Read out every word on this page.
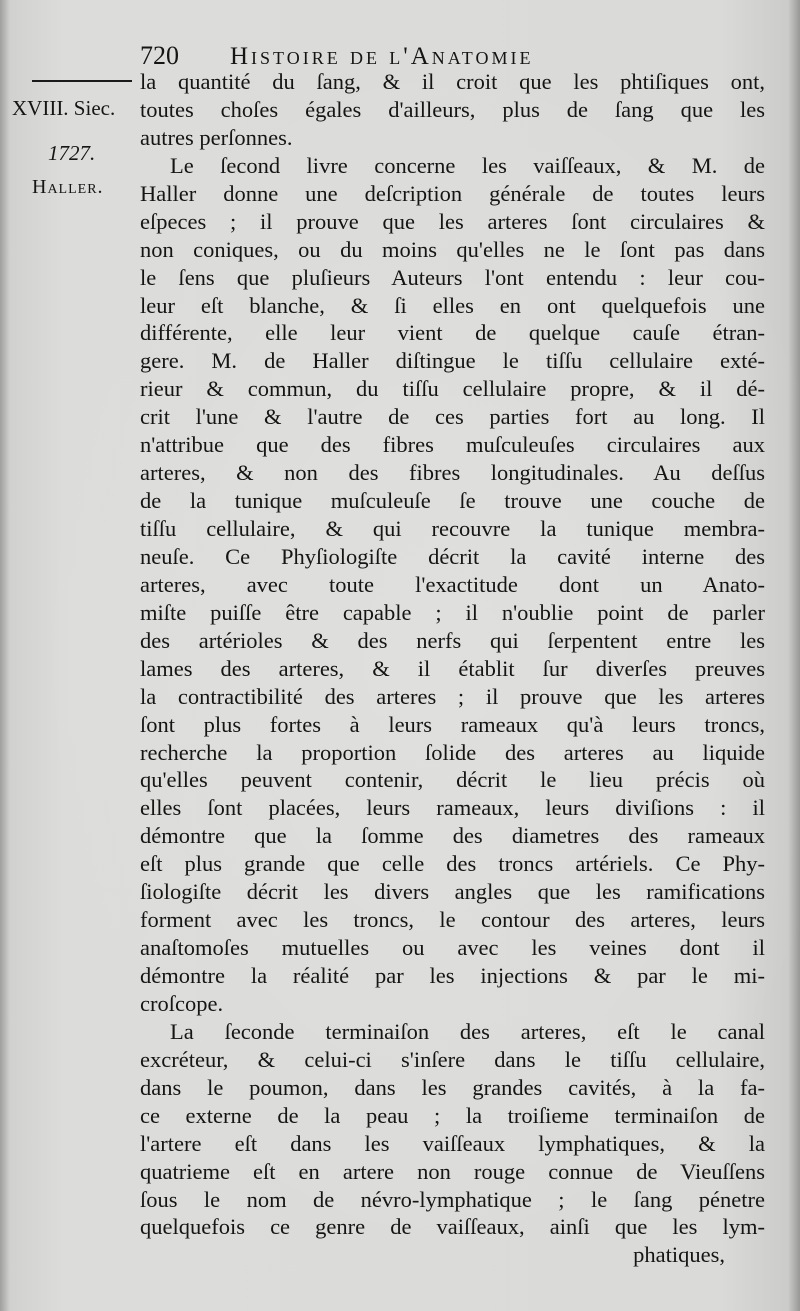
720 Histoire de l'Anatomie
XVIII. Siec.
1727.
Haller.
la quantité du ſang, & il croit que les phtiſiques ont,
toutes choſes égales d'ailleurs, plus de ſang que les
autres perſonnes.
Le ſecond livre concerne les vaiſſeaux, & M. de
Haller donne une deſcription générale de toutes leurs
eſpeces ; il prouve que les arteres ſont circulaires &
non coniques, ou du moins qu'elles ne le ſont pas dans
le ſens que pluſieurs Auteurs l'ont entendu : leur cou-
leur eſt blanche, & ſi elles en ont quelquefois une
différente, elle leur vient de quelque cauſe étran-
gere. M. de Haller diſtingue le tiſſu cellulaire exté-
rieur & commun, du tiſſu cellulaire propre, & il dé-
crit l'une & l'autre de ces parties fort au long. Il
n'attribue que des fibres muſculeuſes circulaires aux
arteres, & non des fibres longitudinales. Au deſſus
de la tunique muſculeuſe ſe trouve une couche de
tiſſu cellulaire, & qui recouvre la tunique membra-
neuſe. Ce Phyſiologiſte décrit la cavité interne des
arteres, avec toute l'exactitude dont un Anato-
miſte puiſſe être capable ; il n'oublie point de parler
des artérioles & des nerfs qui ſerpentent entre les
lames des arteres, & il établit ſur diverſes preuves
la contractibilité des arteres ; il prouve que les arteres
ſont plus fortes à leurs rameaux qu'à leurs troncs,
recherche la proportion ſolide des arteres au liquide
qu'elles peuvent contenir, décrit le lieu précis où
elles ſont placées, leurs rameaux, leurs diviſions : il
démontre que la ſomme des diametres des rameaux
eſt plus grande que celle des troncs artériels. Ce Phy-
ſiologiſte décrit les divers angles que les ramifications
forment avec les troncs, le contour des arteres, leurs
anaſtomoſes mutuelles ou avec les veines dont il
démontre la réalité par les injections & par le mi-
croſcope.
La ſeconde terminaiſon des arteres, eſt le canal
excréteur, & celui-ci s'inſere dans le tiſſu cellulaire,
dans le poumon, dans les grandes cavités, à la fa-
ce externe de la peau ; la troiſieme terminaiſon de
l'artere eſt dans les vaiſſeaux lymphatiques, & la
quatrieme eſt en artere non rouge connue de Vieuſſens
ſous le nom de névro-lymphatique ; le ſang pénetre
quelquefois ce genre de vaiſſeaux, ainſi que les lym-
phatiques,
